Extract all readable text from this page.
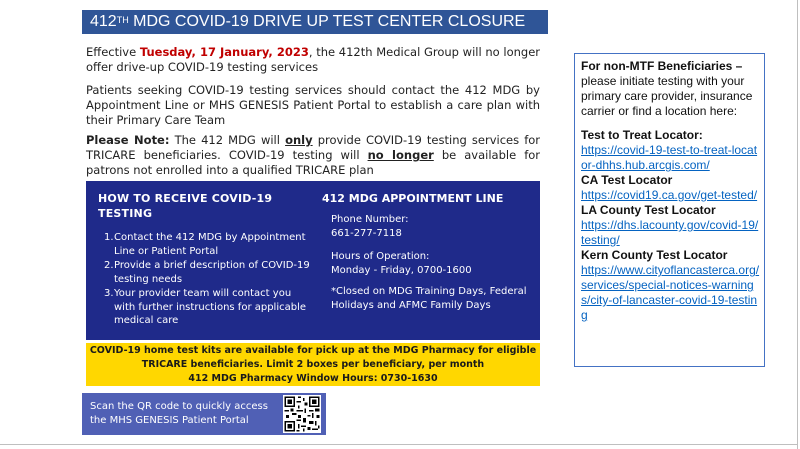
412TH MDG COVID-19 DRIVE UP TEST CENTER CLOSURE
Effective Tuesday, 17 January, 2023, the 412th Medical Group will no longer offer drive-up COVID-19 testing services
Patients seeking COVID-19 testing services should contact the 412 MDG by Appointment Line or MHS GENESIS Patient Portal to establish a care plan with their Primary Care Team
Please Note: The 412 MDG will only provide COVID-19 testing services for TRICARE beneficiaries. COVID-19 testing will no longer be available for patrons not enrolled into a qualified TRICARE plan
HOW TO RECEIVE COVID-19 TESTING
1. Contact the 412 MDG by Appointment Line or Patient Portal
2. Provide a brief description of COVID-19 testing needs
3. Your provider team will contact you with further instructions for applicable medical care
412 MDG APPOINTMENT LINE
Phone Number:
661-277-7118
Hours of Operation:
Monday - Friday, 0700-1600
*Closed on MDG Training Days, Federal Holidays and AFMC Family Days
COVID-19 home test kits are available for pick up at the MDG Pharmacy for eligible
TRICARE beneficiaries. Limit 2 boxes per beneficiary, per month
412 MDG Pharmacy Window Hours: 0730-1630
Scan the QR code to quickly access the MHS GENESIS Patient Portal
For non-MTF Beneficiaries – please initiate testing with your primary care provider, insurance carrier or find a location here:
Test to Treat Locator:
https://covid-19-test-to-treat-locator-dhhs.hub.arcgis.com/
CA Test Locator
https://covid19.ca.gov/get-tested/
LA County Test Locator
https://dhs.lacounty.gov/covid-19/testing/
Kern County Test Locator
https://www.cityoflancasterca.org/services/special-notices-warnings/city-of-lancaster-covid-19-testing
